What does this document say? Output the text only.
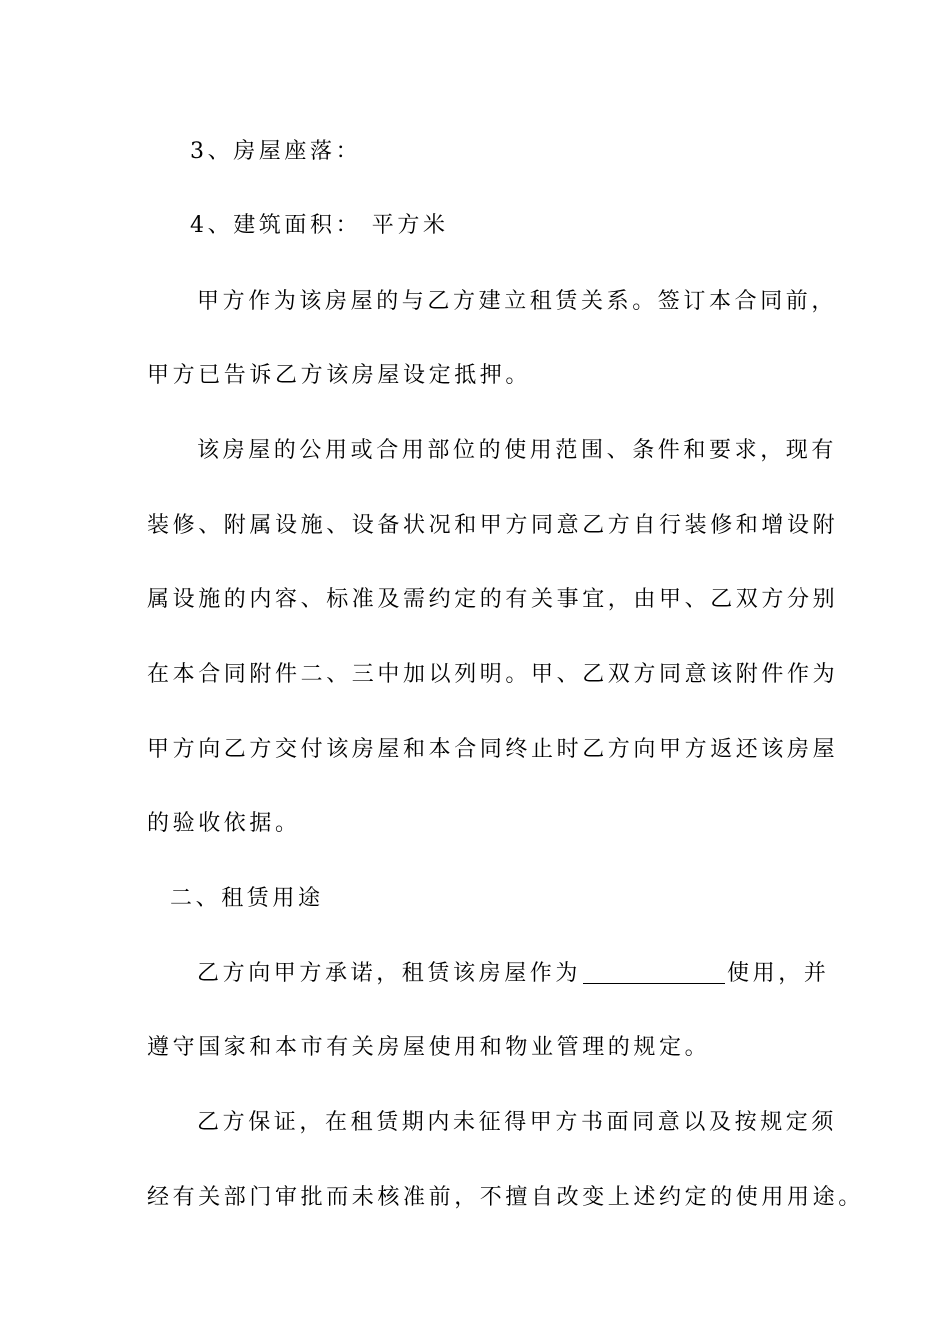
3、房屋座落：
4、建筑面积： 平方米
甲方作为该房屋的与乙方建立租赁关系。签订本合同前，
甲方已告诉乙方该房屋设定抵押。
该房屋的公用或合用部位的使用范围、条件和要求，现有
装修、附属设施、设备状况和甲方同意乙方自行装修和增设附
属设施的内容、标准及需约定的有关事宜，由甲、乙双方分别
在本合同附件二、三中加以列明。甲、乙双方同意该附件作为
甲方向乙方交付该房屋和本合同终止时乙方向甲方返还该房屋
的验收依据。
二、租赁用途
乙方向甲方承诺，租赁该房屋作为	使用，并
遵守国家和本市有关房屋使用和物业管理的规定。
乙方保证，在租赁期内未征得甲方书面同意以及按规定须
经有关部门审批而未核准前，不擅自改变上述约定的使用用途。
